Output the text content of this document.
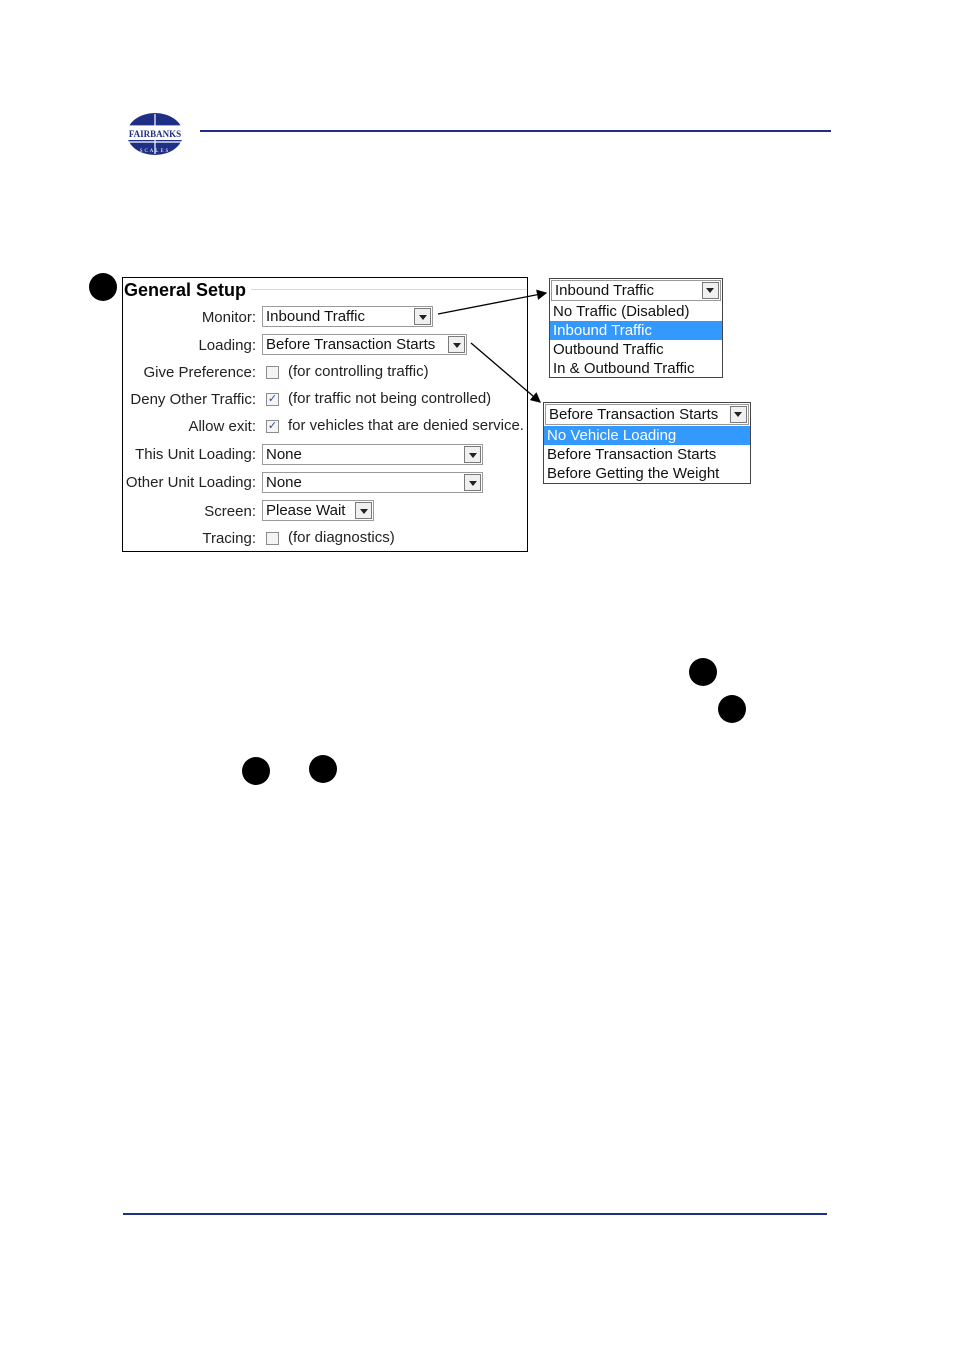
FAIRBANKS
SCALES
General Setup
Monitor: Inbound Traffic
Loading: Before Transaction Starts
Give Preference: (for controlling traffic)
Deny Other Traffic: ✓ (for traffic not being controlled)
Allow exit: ✓ for vehicles that are denied service.
This Unit Loading: None
Other Unit Loading: None
Screen: Please Wait
Tracing: (for diagnostics)
Inbound Traffic
No Traffic (Disabled)
Inbound Traffic
Outbound Traffic
In & Outbound Traffic
Before Transaction Starts
No Vehicle Loading
Before Transaction Starts
Before Getting the Weight
